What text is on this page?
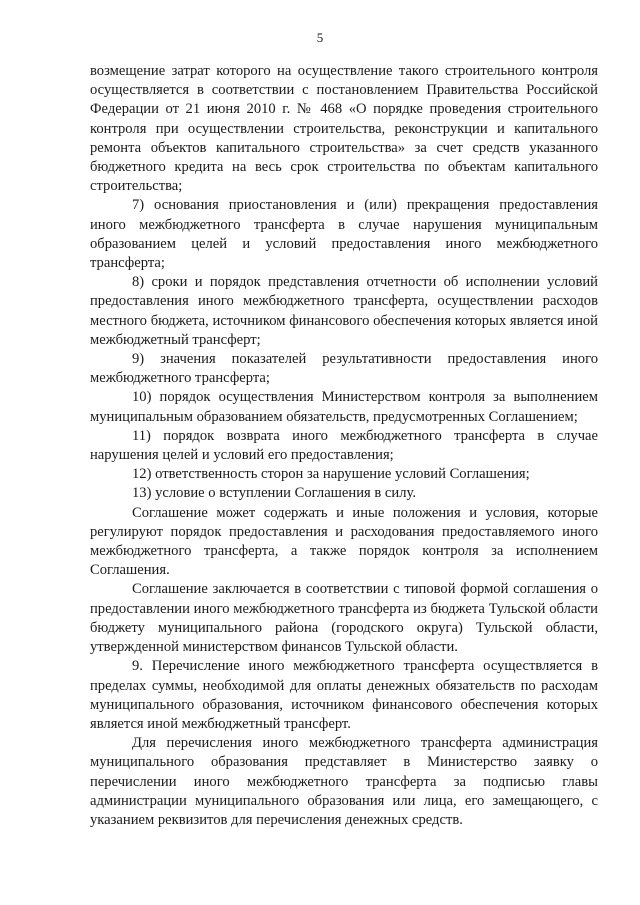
5

возмещение затрат которого на осуществление такого строительного контроля осуществляется в соответствии с постановлением Правительства Российской Федерации от 21 июня 2010 г. № 468 «О порядке проведения строительного контроля при осуществлении строительства, реконструкции и капитального ремонта объектов капитального строительства» за счет средств указанного бюджетного кредита на весь срок строительства по объектам капитального строительства;

7) основания приостановления и (или) прекращения предоставления иного межбюджетного трансферта в случае нарушения муниципальным образованием целей и условий предоставления иного межбюджетного трансферта;

8) сроки и порядок представления отчетности об исполнении условий предоставления иного межбюджетного трансферта, осуществлении расходов местного бюджета, источником финансового обеспечения которых является иной межбюджетный трансферт;

9) значения показателей результативности предоставления иного межбюджетного трансферта;

10) порядок осуществления Министерством контроля за выполнением муниципальным образованием обязательств, предусмотренных Соглашением;

11) порядок возврата иного межбюджетного трансферта в случае нарушения целей и условий его предоставления;

12) ответственность сторон за нарушение условий Соглашения;

13) условие о вступлении Соглашения в силу.

Соглашение может содержать и иные положения и условия, которые регулируют порядок предоставления и расходования предоставляемого иного межбюджетного трансферта, а также порядок контроля за исполнением Соглашения.

Соглашение заключается в соответствии с типовой формой соглашения о предоставлении иного межбюджетного трансферта из бюджета Тульской области бюджету муниципального района (городского округа) Тульской области, утвержденной министерством финансов Тульской области.

9. Перечисление иного межбюджетного трансферта осуществляется в пределах суммы, необходимой для оплаты денежных обязательств по расходам муниципального образования, источником финансового обеспечения которых является иной межбюджетный трансферт.

Для перечисления иного межбюджетного трансферта администрация муниципального образования представляет в Министерство заявку о перечислении иного межбюджетного трансферта за подписью главы администрации муниципального образования или лица, его замещающего, с указанием реквизитов для перечисления денежных средств.
